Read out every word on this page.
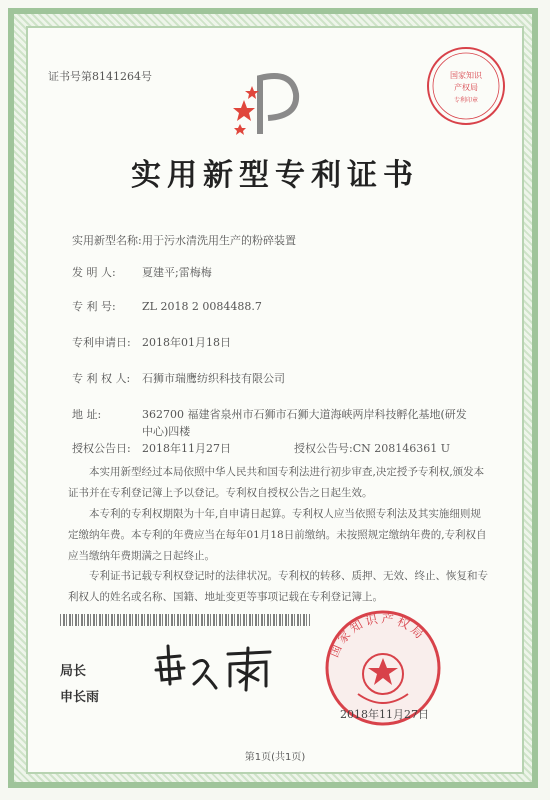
证书号第8141264号	国家知识
产权局
专利印章
实用新型专利证书
实用新型名称:用于污水清洗用生产的粉碎装置
发 明 人: 夏建平;雷梅梅
专 利 号: ZL 2018 2 0084488.7
专利申请日: 2018年01月18日
专 利 权 人: 石狮市瑞鹰纺织科技有限公司
地 址:	362700 福建省泉州市石狮市石狮大道海峡两岸科技孵化基地(研发中心)四楼
授权公告日: 2018年11月27日	授权公告号:CN 208146361 U
本实用新型经过本局依照中华人民共和国专利法进行初步审查,决定授予专利权,颁发本证书并在专利登记簿上予以登记。专利权自授权公告之日起生效。
本专利的专利权期限为十年,自申请日起算。专利权人应当依照专利法及其实施细则规定缴纳年费。本专利的年费应当在每年01月18日前缴纳。未按照规定缴纳年费的,专利权自应当缴纳年费期满之日起终止。
专利证书记载专利权登记时的法律状况。专利权的转移、质押、无效、终止、恢复和专利权人的姓名或名称、国籍、地址变更等事项记载在专利登记簿上。
局长
申长雨
国家知识产权局
2018年11月27日
第1页(共1页)
